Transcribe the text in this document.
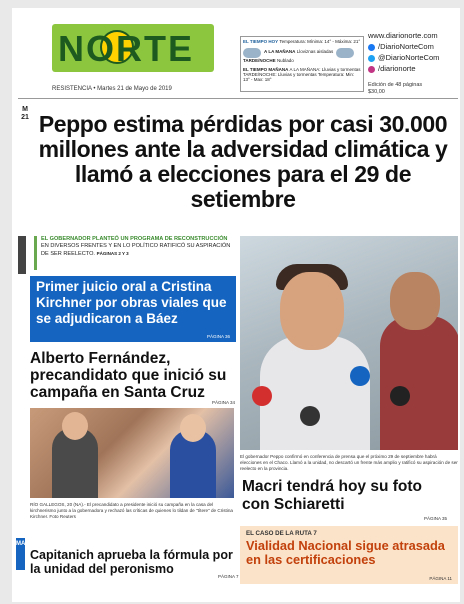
NORTE
RESISTENCIA • Martes 21 de Mayo de 2019
EL TIEMPO HOY Temperatura: Mínima: 14° - Máxima: 21°
A LA MAÑANA Lloviznas aisladas  TARDE/NOCHE Nublado
EL TIEMPO MAÑANA A LA MAÑANA: Lluvias y tormentas TARDE/NOCHE: Lluvias y tormentas Temperatura: Min: 13° - Max: 18°
www.diarionorte.com
/DiarioNorteCom
@DiarioNorteCom
/diarionorte
Edición de 48 páginas
$30,00
M 21 Peppo estima pérdidas por casi 30.000 millones ante la adversidad climática y llamó a elecciones para el 29 de setiembre
EL GOBERNADOR PLANTEÓ UN PROGRAMA DE RECONSTRUCCIÓN EN DIVERSOS FRENTES Y EN LO POLÍTICO RATIFICÓ SU ASPIRACIÓN DE SER REELECTO. PÁGINAS 2 Y 3
Primer juicio oral a Cristina Kirchner por obras viales que se adjudicaron a Báez
PÁGINA 36
Alberto Fernández, precandidato que inició su campaña en Santa Cruz
PÁGINA 34
RÍO GALLEGOS, 20 (NA).- El precandidato a presidente inició su campaña en la casa del kirchnerismo junto a la gobernadora y rechazó las críticas de quienes lo tildan de "títere" de Cristina Kirchner. Foto Reuters
MAR
Capitanich aprueba la fórmula por la unidad del peronismo
PÁGINA 7
El gobernador Peppo confirmó en conferencia de prensa que el próximo 29 de septiembre habrá elecciones en el Chaco. Llamó a la unidad, no descartó un frente más amplio y ratificó su aspiración de ser reelecto en la provincia.
Macri tendrá hoy su foto con Schiaretti
PÁGINA 35
EL CASO DE LA RUTA 7
Vialidad Nacional sigue atrasada en las certificaciones
PÁGINA 11
